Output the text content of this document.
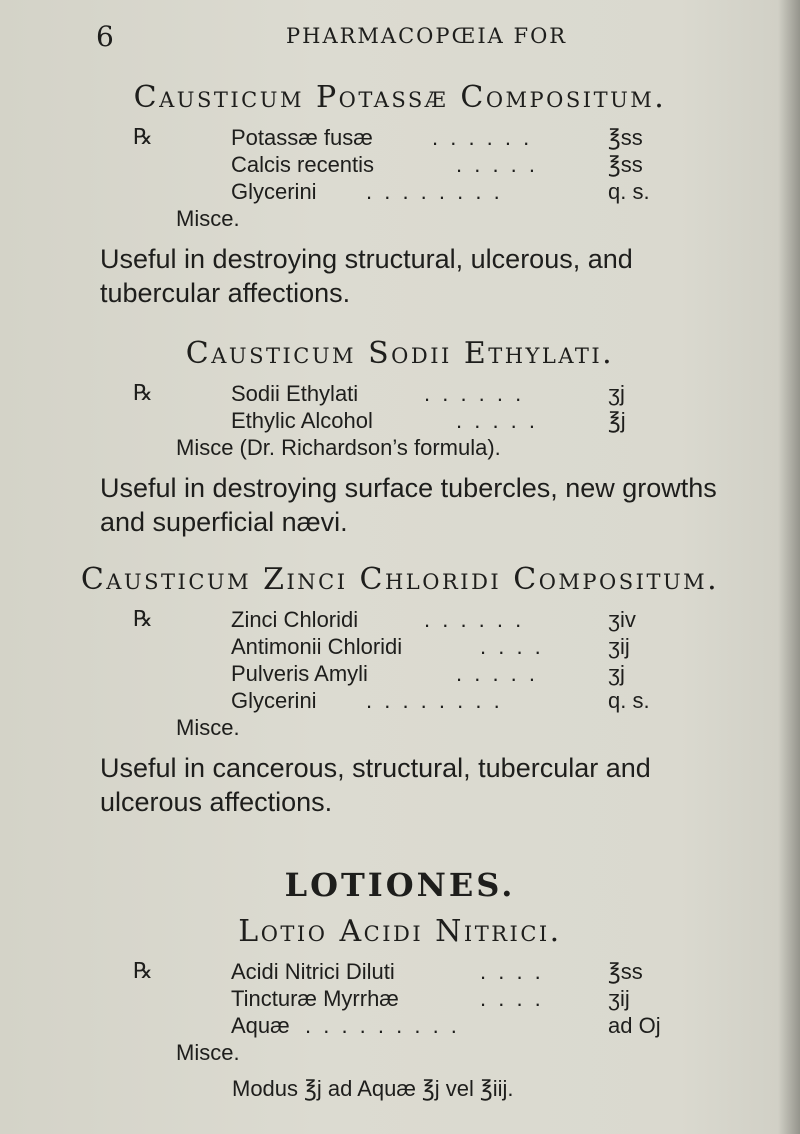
6	PHARMACOPŒIA FOR
Causticum Potassæ Compositum.
℞	Potassæ fusæ	. . . . . .	℥ss
Calcis recentis	. . . . .	℥ss
Glycerini . . . . . . . .	q. s.
Misce.

Useful in destroying structural, ulcerous, and tubercular affections.

Causticum Sodii Ethylati.
℞	Sodii Ethylati	. . . . . .	ʒj
Ethylic Alcohol	. . . . .	℥j
Misce (Dr. Richardson’s formula).

Useful in destroying surface tubercles, new growths and superficial nævi.

Causticum Zinci Chloridi Compositum.
℞	Zinci Chloridi	. . . . . .	ʒiv
Antimonii Chloridi	. . . .	ʒij
Pulveris Amyli	. . . . .	ʒj
Glycerini . . . . . . . .	q. s.
Misce.

Useful in cancerous, structural, tubercular and ulcerous affections.

LOTIONES.
Lotio Acidi Nitrici.
℞	Acidi Nitrici Diluti	. . . .	℥ss
Tincturæ Myrrhæ	. . . .	ʒij
Aquæ . . . . . . . . .	ad Oj
Misce.
Modus ℥j ad Aquæ ℥j vel ℥iij.
